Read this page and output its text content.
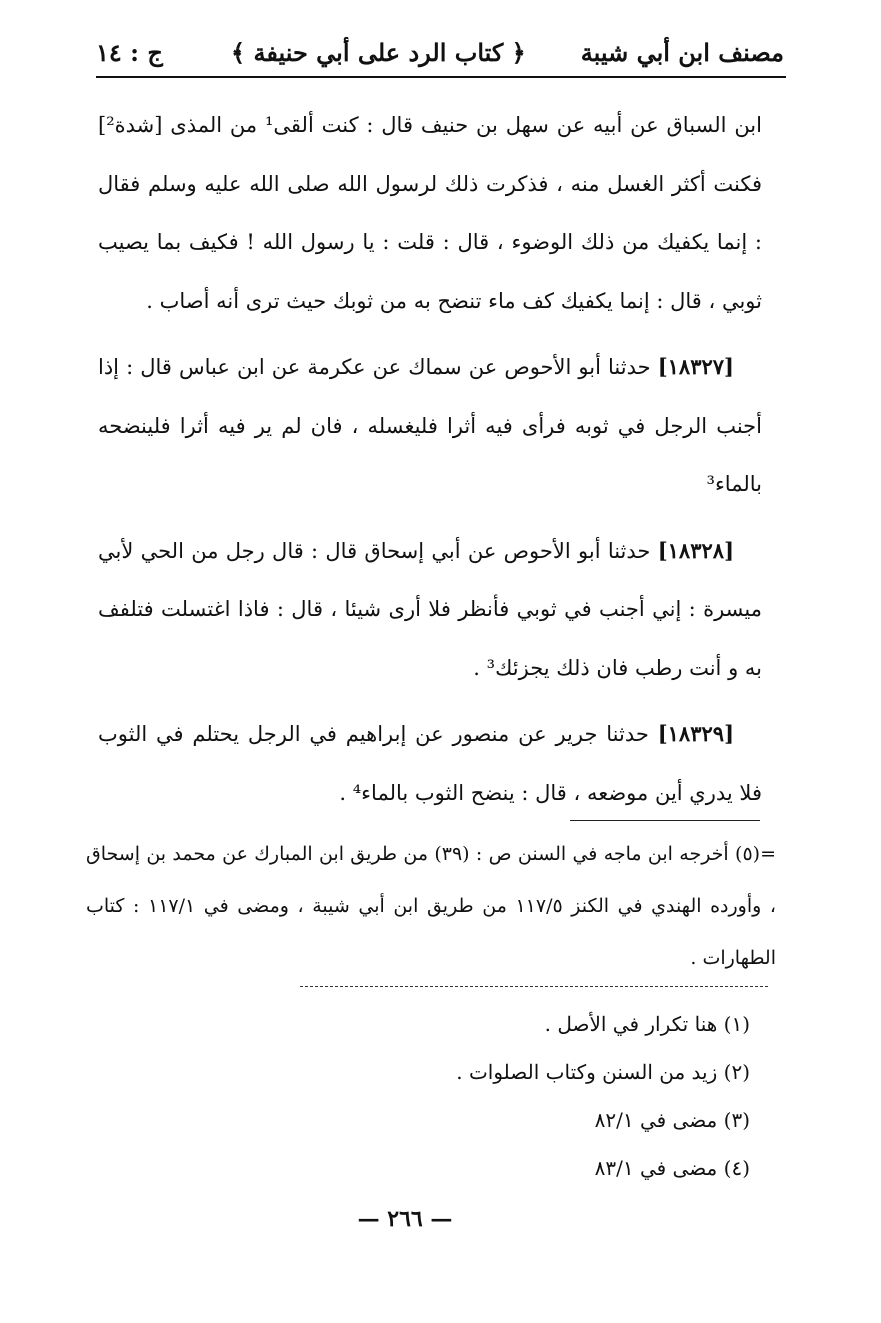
مصنف ابن أبي شيبة
﴿ كتاب الرد على أبي حنيفة ﴾
ج : ١٤

ابن السباق عن أبيه عن سهل بن حنيف قال : كنت ألقى¹ من المذى [شدة²] فكنت أكثر الغسل منه ، فذكرت ذلك لرسول الله صلى الله عليه وسلم فقال : إنما يكفيك من ذلك الوضوء ، قال : قلت : يا رسول الله ! فكيف بما يصيب ثوبي ، قال : إنما يكفيك كف ماء تنضح به من ثوبك حيث ترى أنه أصاب .

[١٨٣٢٧] حدثنا أبو الأحوص عن سماك عن عكرمة عن ابن عباس قال : إذا أجنب الرجل في ثوبه فرأى فيه أثرا فليغسله ، فان لم ير فيه أثرا فلينضحه بالماء³

[١٨٣٢٨] حدثنا أبو الأحوص عن أبي إسحاق قال : قال رجل من الحي لأبي ميسرة : إني أجنب في ثوبي فأنظر فلا أرى شيئا ، قال : فاذا اغتسلت فتلفف به و أنت رطب فان ذلك يجزئك³ .

[١٨٣٢٩] حدثنا جرير عن منصور عن إبراهيم في الرجل يحتلم في الثوب فلا يدري أين موضعه ، قال : ينضح الثوب بالماء⁴ .

=(٥) أخرجه ابن ماجه في السنن ص : (٣٩) من طريق ابن المبارك عن محمد بن إسحاق ، وأورده الهندي في الكنز ١١٧/٥ من طريق ابن أبي شيبة ، ومضى في ١١٧/١ : كتاب الطهارات .

(١) هنا تكرار في الأصل .

(٢) زيد من السنن وكتاب الصلوات .

(٣) مضى في ٨٢/١

(٤) مضى في ٨٣/١

— ٢٦٦ —
